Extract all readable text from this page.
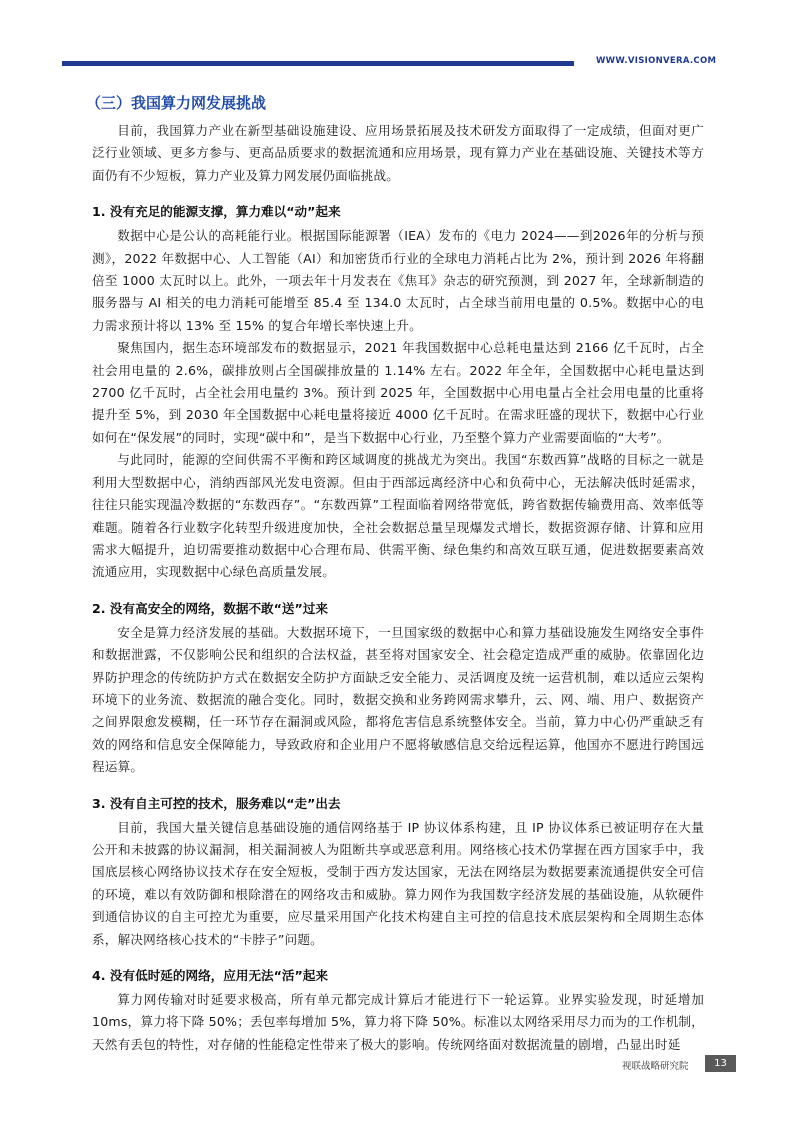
WWW.VISIONVERA.COM
（三）我国算力网发展挑战

目前，我国算力产业在新型基础设施建设、应用场景拓展及技术研发方面取得了一定成绩，但面对更广泛行业领域、更多方参与、更高品质要求的数据流通和应用场景，现有算力产业在基础设施、关键技术等方面仍有不少短板，算力产业及算力网发展仍面临挑战。

1. 没有充足的能源支撑，算力难以“动”起来

数据中心是公认的高耗能行业。根据国际能源署（IEA）发布的《电力 2024——到2026年的分析与预测》，2022 年数据中心、人工智能（AI）和加密货币行业的全球电力消耗占比为 2%，预计到 2026 年将翻倍至 1000 太瓦时以上。此外，一项去年十月发表在《焦耳》杂志的研究预测，到 2027 年，全球新制造的服务器与 AI 相关的电力消耗可能增至 85.4 至 134.0 太瓦时，占全球当前用电量的 0.5%。数据中心的电力需求预计将以 13% 至 15% 的复合年增长率快速上升。

聚焦国内，据生态环境部发布的数据显示，2021 年我国数据中心总耗电量达到 2166 亿千瓦时，占全社会用电量的 2.6%，碳排放则占全国碳排放量的 1.14% 左右。2022 年全年，全国数据中心耗电量达到 2700 亿千瓦时，占全社会用电量约 3%。预计到 2025 年，全国数据中心用电量占全社会用电量的比重将提升至 5%，到 2030 年全国数据中心耗电量将接近 4000 亿千瓦时。在需求旺盛的现状下，数据中心行业如何在“保发展”的同时，实现“碳中和”，是当下数据中心行业，乃至整个算力产业需要面临的“大考”。

与此同时，能源的空间供需不平衡和跨区域调度的挑战尤为突出。我国“东数西算”战略的目标之一就是利用大型数据中心，消纳西部风光发电资源。但由于西部远离经济中心和负荷中心，无法解决低时延需求，往往只能实现温冷数据的“东数西存”。“东数西算”工程面临着网络带宽低，跨省数据传输费用高、效率低等难题。随着各行业数字化转型升级进度加快，全社会数据总量呈现爆发式增长，数据资源存储、计算和应用需求大幅提升，迫切需要推动数据中心合理布局、供需平衡、绿色集约和高效互联互通，促进数据要素高效流通应用，实现数据中心绿色高质量发展。

2. 没有高安全的网络，数据不敢“送”过来

安全是算力经济发展的基础。大数据环境下，一旦国家级的数据中心和算力基础设施发生网络安全事件和数据泄露，不仅影响公民和组织的合法权益，甚至将对国家安全、社会稳定造成严重的威胁。依靠固化边界防护理念的传统防护方式在数据安全防护方面缺乏安全能力、灵活调度及统一运营机制，难以适应云架构环境下的业务流、数据流的融合变化。同时，数据交换和业务跨网需求攀升，云、网、端、用户、数据资产之间界限愈发模糊，任一环节存在漏洞或风险，都将危害信息系统整体安全。当前，算力中心仍严重缺乏有效的网络和信息安全保障能力，导致政府和企业用户不愿将敏感信息交给远程运算，他国亦不愿进行跨国远程运算。

3. 没有自主可控的技术，服务难以“走”出去

目前，我国大量关键信息基础设施的通信网络基于 IP 协议体系构建，且 IP 协议体系已被证明存在大量公开和未披露的协议漏洞，相关漏洞被人为阻断共享或恶意利用。网络核心技术仍掌握在西方国家手中，我国底层核心网络协议技术存在安全短板，受制于西方发达国家，无法在网络层为数据要素流通提供安全可信的环境，难以有效防御和根除潜在的网络攻击和威胁。算力网作为我国数字经济发展的基础设施，从软硬件到通信协议的自主可控尤为重要，应尽量采用国产化技术构建自主可控的信息技术底层架构和全周期生态体系，解决网络核心技术的“卡脖子”问题。

4. 没有低时延的网络，应用无法“活”起来

算力网传输对时延要求极高，所有单元都完成计算后才能进行下一轮运算。业界实验发现，时延增加 10ms，算力将下降 50%；丢包率每增加 5%，算力将下降 50%。标准以太网络采用尽力而为的工作机制，天然有丢包的特性，对存储的性能稳定性带来了极大的影响。传统网络面对数据流量的剧增，凸显出时延

视联战略研究院	13
